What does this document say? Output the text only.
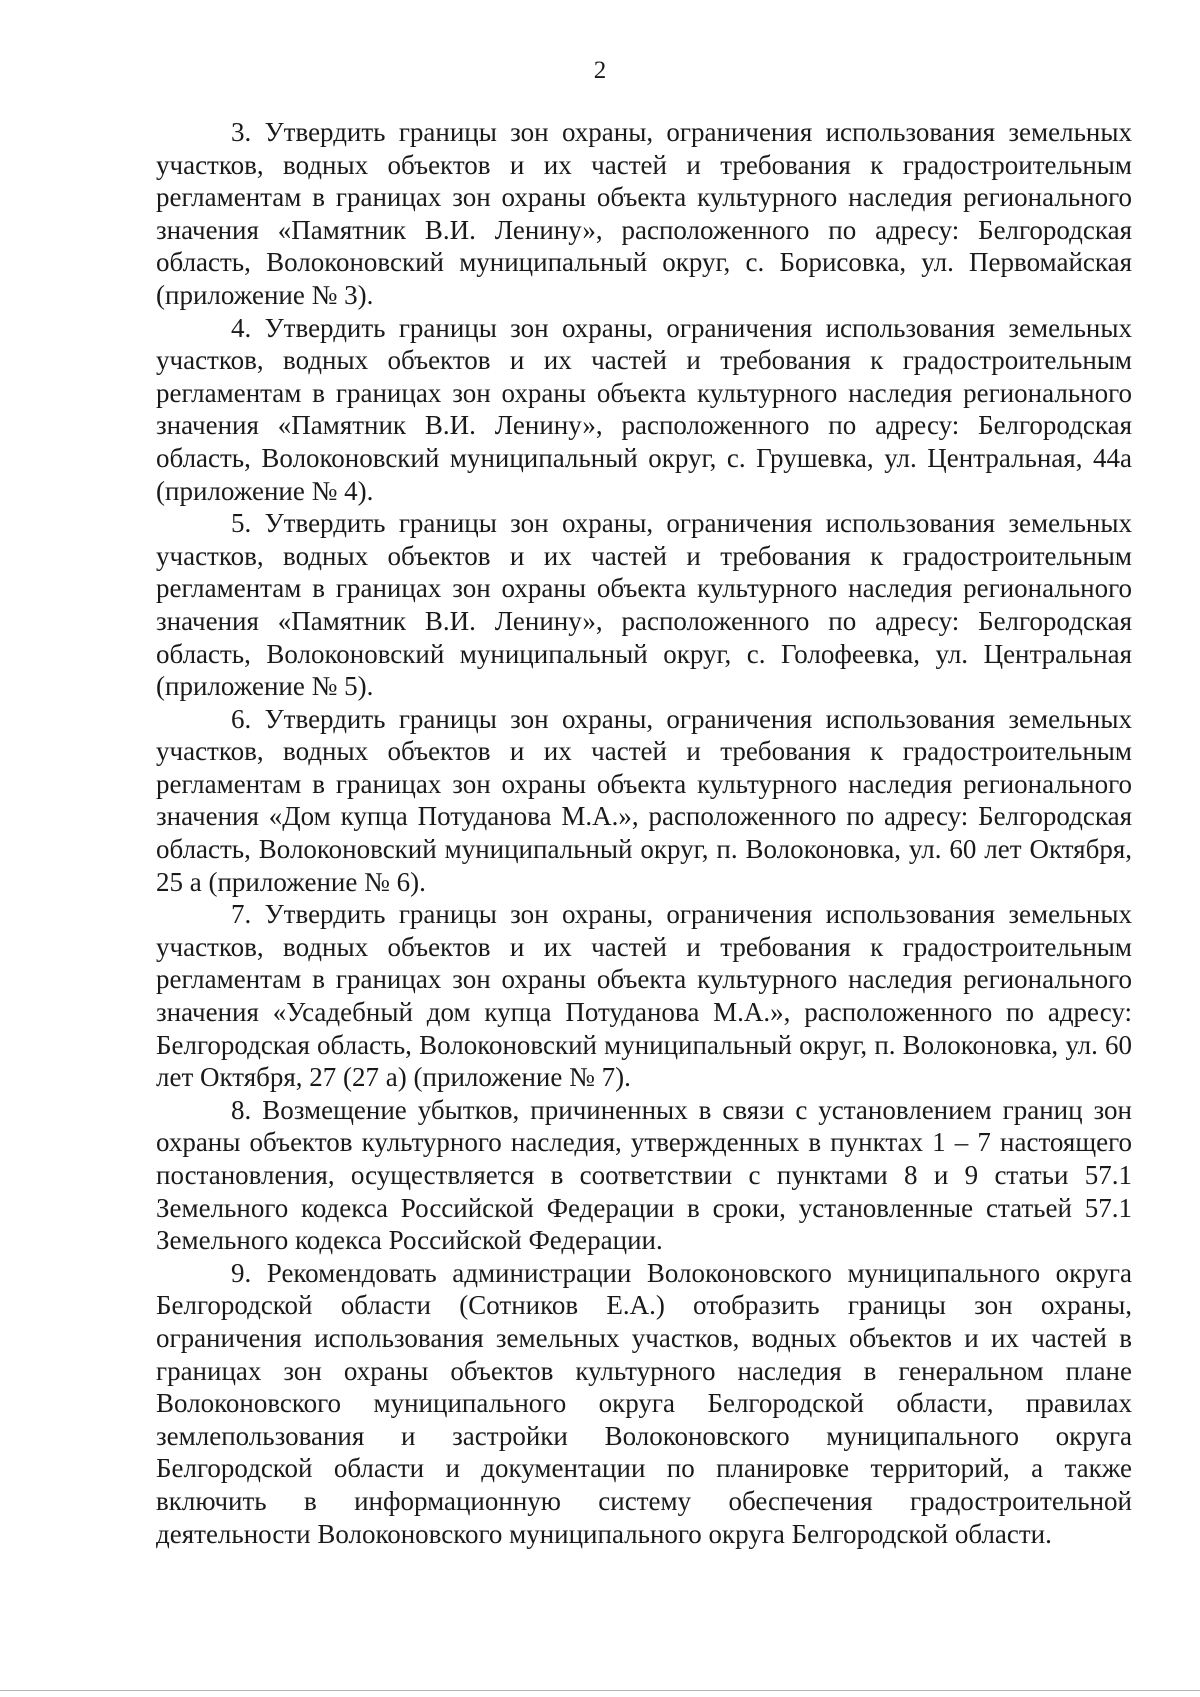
2

3. Утвердить границы зон охраны, ограничения использования земельных участков, водных объектов и их частей и требования к градостроительным регламентам в границах зон охраны объекта культурного наследия регионального значения «Памятник В.И. Ленину», расположенного по адресу: Белгородская область, Волоконовский муниципальный округ, с. Борисовка, ул. Первомайская (приложение № 3).

4. Утвердить границы зон охраны, ограничения использования земельных участков, водных объектов и их частей и требования к градостроительным регламентам в границах зон охраны объекта культурного наследия регионального значения «Памятник В.И. Ленину», расположенного по адресу: Белгородская область, Волоконовский муниципальный округ, с. Грушевка, ул. Центральная, 44а (приложение № 4).

5. Утвердить границы зон охраны, ограничения использования земельных участков, водных объектов и их частей и требования к градостроительным регламентам в границах зон охраны объекта культурного наследия регионального значения «Памятник В.И. Ленину», расположенного по адресу: Белгородская область, Волоконовский муниципальный округ, с. Голофеевка, ул. Центральная (приложение № 5).

6. Утвердить границы зон охраны, ограничения использования земельных участков, водных объектов и их частей и требования к градостроительным регламентам в границах зон охраны объекта культурного наследия регионального значения «Дом купца Потуданова М.А.», расположенного по адресу: Белгородская область, Волоконовский муниципальный округ, п. Волоконовка, ул. 60 лет Октября, 25 а (приложение № 6).

7. Утвердить границы зон охраны, ограничения использования земельных участков, водных объектов и их частей и требования к градостроительным регламентам в границах зон охраны объекта культурного наследия регионального значения «Усадебный дом купца Потуданова М.А.», расположенного по адресу: Белгородская область, Волоконовский муниципальный округ, п. Волоконовка, ул. 60 лет Октября, 27 (27 а) (приложение № 7).

8. Возмещение убытков, причиненных в связи с установлением границ зон охраны объектов культурного наследия, утвержденных в пунктах 1 – 7 настоящего постановления, осуществляется в соответствии с пунктами 8 и 9 статьи 57.1 Земельного кодекса Российской Федерации в сроки, установленные статьей 57.1 Земельного кодекса Российской Федерации.

9. Рекомендовать администрации Волоконовского муниципального округа Белгородской области (Сотников Е.А.) отобразить границы зон охраны, ограничения использования земельных участков, водных объектов и их частей в границах зон охраны объектов культурного наследия в генеральном плане Волоконовского муниципального округа Белгородской области, правилах землепользования и застройки Волоконовского муниципального округа Белгородской области и документации по планировке территорий, а также включить в информационную систему обеспечения градостроительной деятельности Волоконовского муниципального округа Белгородской области.
